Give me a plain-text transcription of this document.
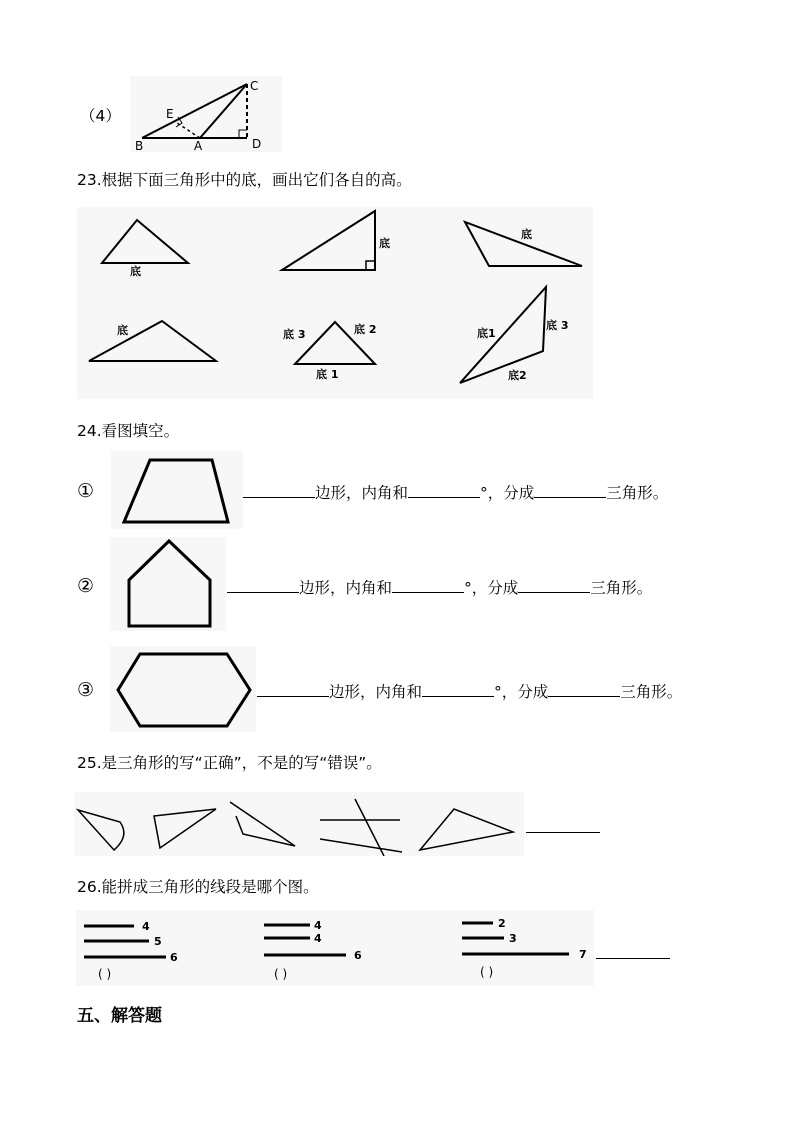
（4）
C
E
B	A	D
23.根据下面三角形中的底，画出它们各自的高。
底
底
底
底	底 3	底 2
底 1
底1
底 3
底2
24.看图填空。
①	边形，内角和	°，分成	三角形。
②	边形，内角和	°，分成	三角形。
③	边形，内角和	°，分成	三角形。
25.是三角形的写“正确”，不是的写“错误”。
26.能拼成三角形的线段是哪个图。
4
5
6
( )
4
4
6
( )
2
3
7
( )
五、解答题
